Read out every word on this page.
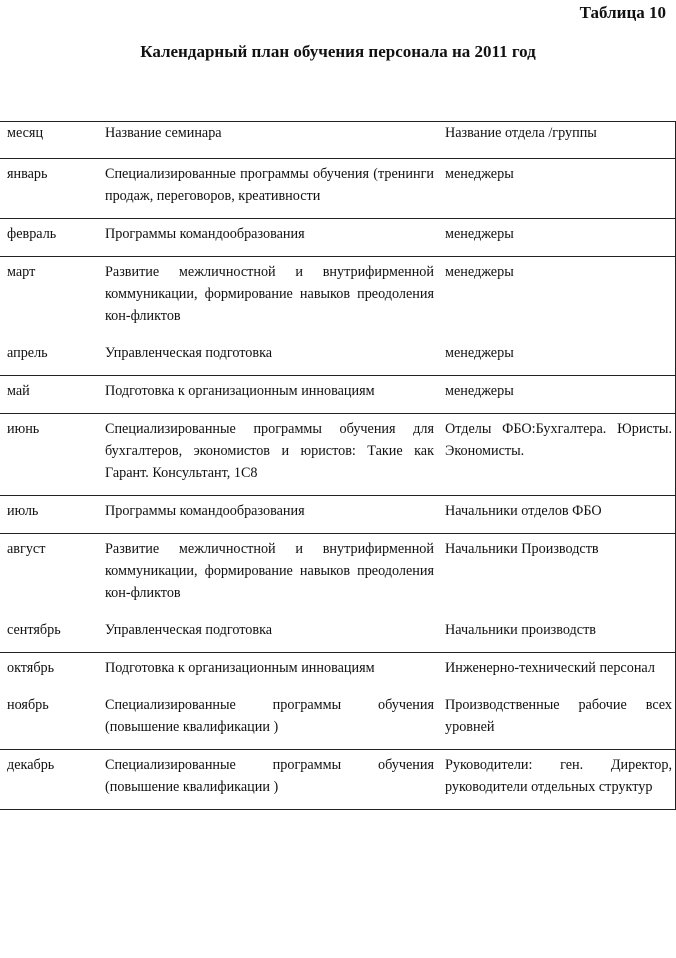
Таблица 10
Календарный план обучения персонала на 2011 год
месяц	Название семинара	Название отдела /группы
январь	Специализированные программы обучения (тренинги продаж, переговоров, креативности	менеджеры
февраль	Программы командообразования	менеджеры
март	Развитие межличностной и внутрифирменной коммуникации, формирование навыков преодоления кон-фликтов	менеджеры
апрель	Управленческая подготовка	менеджеры
май	Подготовка к организационным инновациям	менеджеры
июнь	Специализированные программы обучения для бухгалтеров, экономистов и юристов: Такие как Гарант. Консультант, 1С8	Отделы ФБО:Бухгалтера. Юристы. Экономисты.
июль	Программы командообразования	Начальники отделов ФБО
август	Развитие межличностной и внутрифирменной коммуникации, формирование навыков преодоления кон-фликтов	Начальники Производств
сентябрь	Управленческая подготовка	Начальники производств
октябрь	Подготовка к организационным инновациям	Инженерно-технический персонал
ноябрь	Специализированные программы обучения (повышение квалификации )	Производственные рабочие всех уровней
декабрь	Специализированные программы обучения (повышение квалификации )	Руководители: ген. Директор, руководители отдельных структур
